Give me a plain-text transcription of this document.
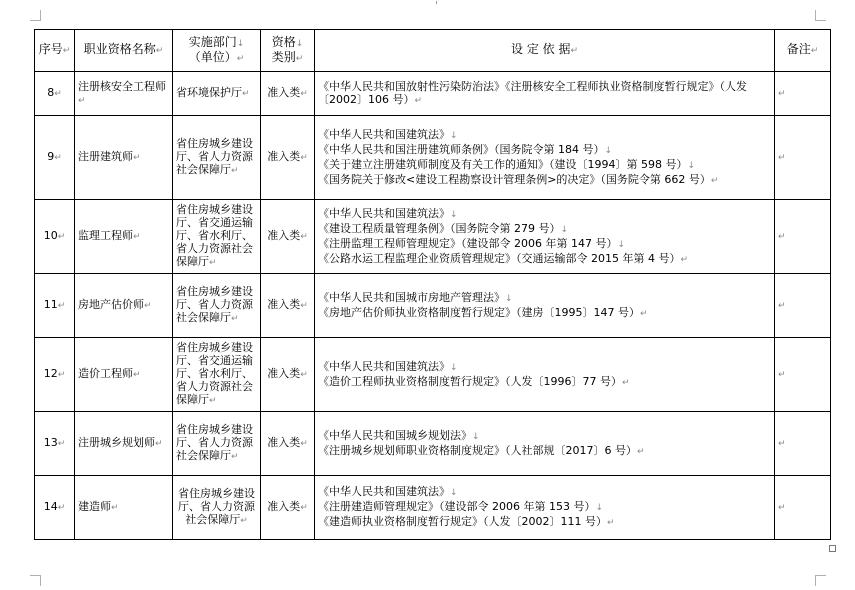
序号↵	职业资格名称↵	实施部门↓
（单位）↵	资格↓
类别↵	设 定 依 据↵	备注↵
8↵	注册核安全工程师↵	省环境保护厅↵	准入类↵	《中华人民共和国放射性污染防治法》《注册核安全工程师执业资格制度暂行规定》（人发〔2002〕106 号）↵	↵
9↵	注册建筑师↵	省住房城乡建设厅、省人力资源社会保障厅↵	准入类↵	《中华人民共和国建筑法》↓
《中华人民共和国注册建筑师条例》（国务院令第 184 号）↓
《关于建立注册建筑师制度及有关工作的通知》（建设〔1994〕第 598 号）↓
《国务院关于修改<建设工程勘察设计管理条例>的决定》（国务院令第 662 号）↵	↵
10↵	监理工程师↵	省住房城乡建设厅、省交通运输厅、省水利厅、省人力资源社会保障厅↵	准入类↵	《中华人民共和国建筑法》↓
《建设工程质量管理条例》（国务院令第 279 号）↓
《注册监理工程师管理规定》（建设部令 2006 年第 147 号）↓
《公路水运工程监理企业资质管理规定》（交通运输部令 2015 年第 4 号）↵	↵
11↵	房地产估价师↵	省住房城乡建设厅、省人力资源社会保障厅↵	准入类↵	《中华人民共和国城市房地产管理法》↓
《房地产估价师执业资格制度暂行规定》（建房〔1995〕147 号）↵	↵
12↵	造价工程师↵	省住房城乡建设厅、省交通运输厅、省水利厅、省人力资源社会保障厅↵	准入类↵	《中华人民共和国建筑法》↓
《造价工程师执业资格制度暂行规定》（人发〔1996〕77 号）↵	↵
13↵	注册城乡规划师↵	省住房城乡建设厅、省人力资源社会保障厅↵	准入类↵	《中华人民共和国城乡规划法》↓
《注册城乡规划师职业资格制度规定》（人社部规〔2017〕6 号）↵	↵
14↵	建造师↵	省住房城乡建设厅、省人力资源社会保障厅↵	准入类↵	《中华人民共和国建筑法》↓
《注册建造师管理规定》（建设部令 2006 年第 153 号）↓
《建造师执业资格制度暂行规定》（人发〔2002〕111 号）↵	↵
